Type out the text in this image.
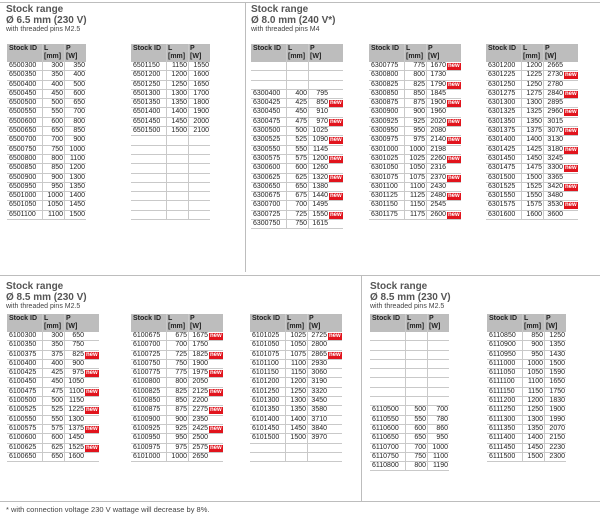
Stock range
Ø 6.5 mm (230 V)
with threaded pins M2.5
Stock range
Ø 8.0 mm (240 V*)
with threaded pins M4
Stock range
Ø 8.5 mm (230 V)
with threaded pins M2.5
Stock range
Ø 8.5 mm (230 V)
with threaded pins M2.5
Stock ID	L
[mm]	P
[W]
6500300	300	350
6500350	350	400
6500400	400	500
6500450	450	600
6500500	500	650
6500550	550	700
6500600	600	800
6500650	650	850
6500700	700	900
6500750	750	1000
6500800	800	1100
6500850	850	1200
6500900	900	1300
6500950	950	1350
6501000	1000	1400
6501050	1050	1450
6501100	1100	1500
Stock ID	L
[mm]	P
[W]
6501150	1150	1550
6501200	1200	1600
6501250	1250	1650
6501300	1300	1700
6501350	1350	1800
6501400	1400	1900
6501450	1450	2000
6501500	1500	2100

Stock ID	L
[mm]	P
[W]	

6300400	400	795	
6300425	425	850	new
6300450	450	910	
6300475	475	970	new
6300500	500	1025	
6300525	525	1090	new
6300550	550	1145	
6300575	575	1200	new
6300600	600	1260	
6300625	625	1320	new
6300650	650	1380	
6300675	675	1440	new
6300700	700	1495	
6300725	725	1550	new
6300750	750	1615	
Stock ID	L
[mm]	P
[W]	
6300775	775	1670	new
6300800	800	1730	
6300825	825	1790	new
6300850	850	1845	
6300875	875	1900	new
6300900	900	1960	
6300925	925	2020	new
6300950	950	2080	
6300975	975	2140	new
6301000	1000	2198	
6301025	1025	2260	new
6301050	1050	2316	
6301075	1075	2370	new
6301100	1100	2430	
6301125	1125	2480	new
6301150	1150	2545	
6301175	1175	2600	new
Stock ID	L
[mm]	P
[W]	
6301200	1200	2665	
6301225	1225	2730	new
6301250	1250	2780	
6301275	1275	2840	new
6301300	1300	2895	
6301325	1325	2960	new
6301350	1350	3015	
6301375	1375	3070	new
6301400	1400	3130	
6301425	1425	3180	new
6301450	1450	3245	
6301475	1475	3300	new
6301500	1500	3365	
6301525	1525	3420	new
6301550	1550	3480	
6301575	1575	3530	new
6301600	1600	3600	
Stock ID	L
[mm]	P
[W]	
6100300	300	650	
6100350	350	750	
6100375	375	825	new
6100400	400	900	
6100425	425	975	new
6100450	450	1050	
6100475	475	1100	new
6100500	500	1150	
6100525	525	1225	new
6100550	550	1300	
6100575	575	1375	new
6100600	600	1450	
6100625	625	1525	new
6100650	650	1600	
Stock ID	L
[mm]	P
[W]	
6100675	675	1675	new
6100700	700	1750	
6100725	725	1825	new
6100750	750	1900	
6100775	775	1975	new
6100800	800	2050	
6100825	825	2125	new
6100850	850	2200	
6100875	875	2275	new
6100900	900	2350	
6100925	925	2425	new
6100950	950	2500	
6100975	975	2575	new
6101000	1000	2650	
Stock ID	L
[mm]	P
[W]	
6101025	1025	2725	new
6101050	1050	2800	
6101075	1075	2865	new
6101100	1100	2930	
6101150	1150	3060	
6101200	1200	3190	
6101250	1250	3320	
6101300	1300	3450	
6101350	1350	3580	
6101400	1400	3710	
6101450	1450	3840	
6101500	1500	3970	

Stock ID	L
[mm]	P
[W]

6110500	500	700
6110550	550	780
6110600	600	860
6110650	650	950
6110700	700	1000
6110750	750	1100
6110800	800	1190
Stock ID	L
[mm]	P
[W]
6110850	850	1250
6110900	900	1350
6110950	950	1430
6111000	1000	1500
6111050	1050	1590
6111100	1100	1650
6111150	1150	1750
6111200	1200	1830
6111250	1250	1900
6111300	1300	1990
6111350	1350	2070
6111400	1400	2150
6111450	1450	2230
6111500	1500	2300
* with connection voltage 230 V wattage will decrease by 8%.
